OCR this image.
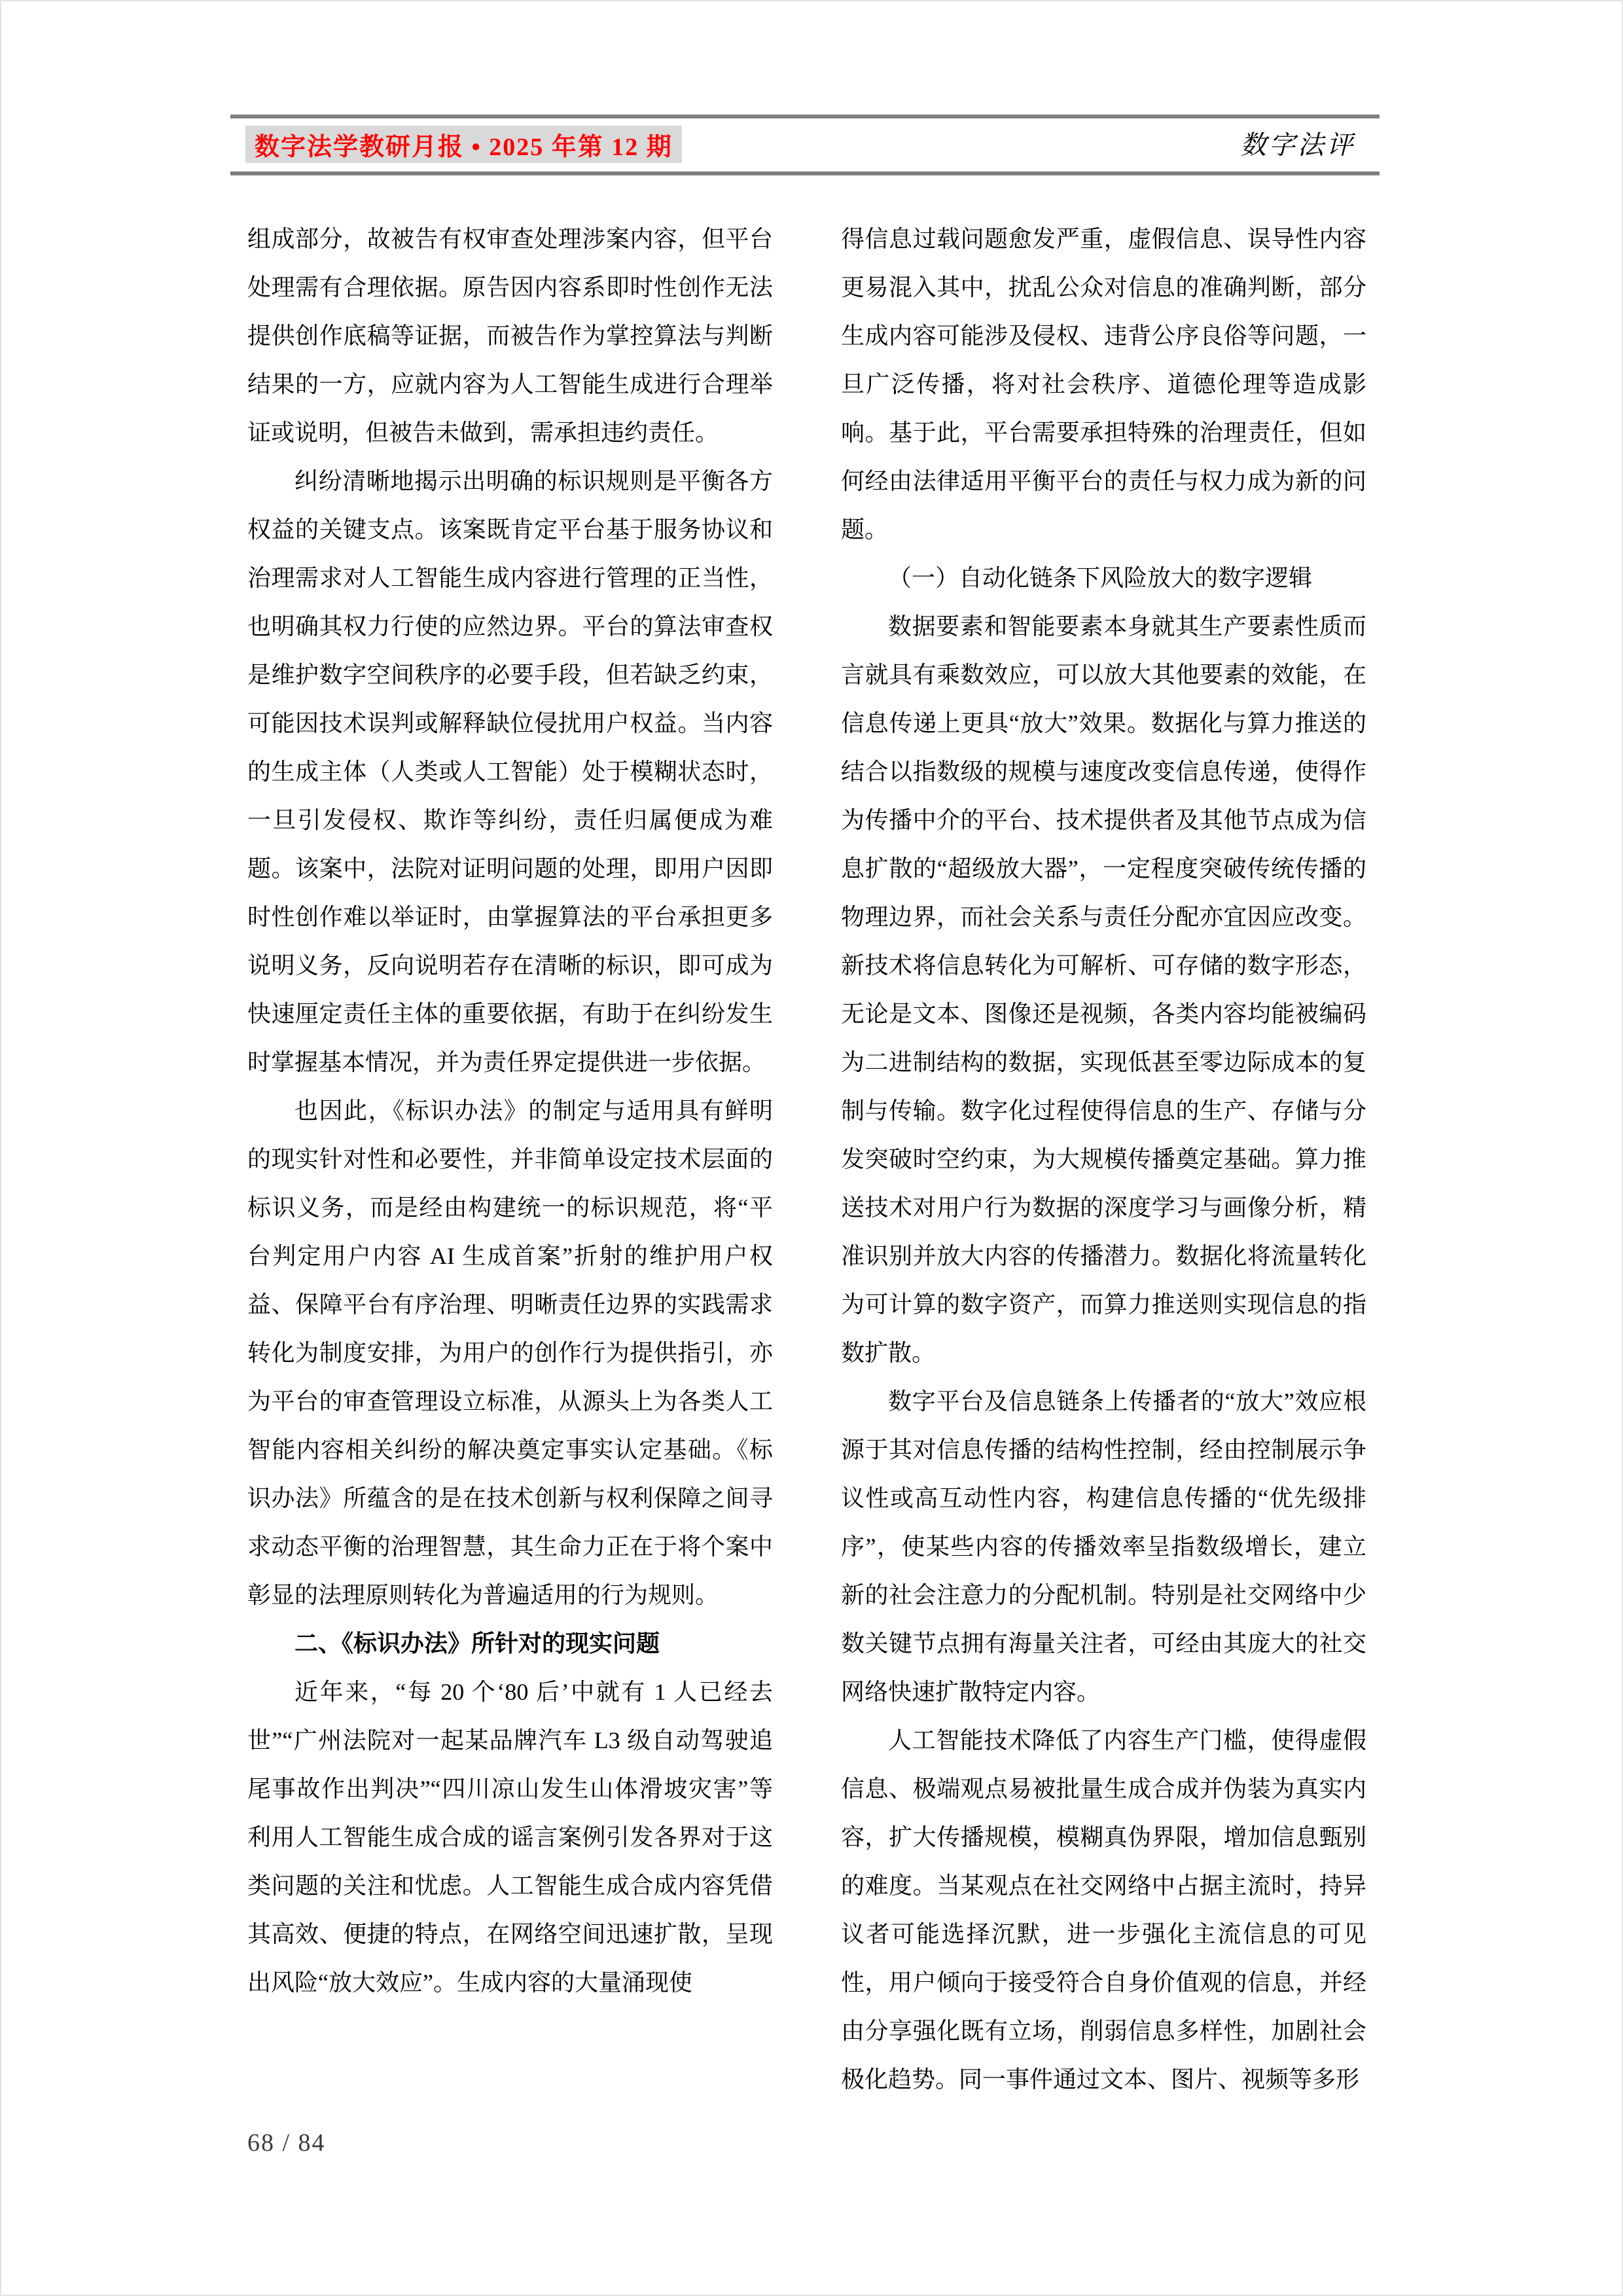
数字法学教研月报 • 2025 年第 12 期	数字法评

组成部分，故被告有权审查处理涉案内容，但平台处理需有合理依据。原告因内容系即时性创作无法提供创作底稿等证据，而被告作为掌控算法与判断结果的一方，应就内容为人工智能生成进行合理举证或说明，但被告未做到，需承担违约责任。

纠纷清晰地揭示出明确的标识规则是平衡各方权益的关键支点。该案既肯定平台基于服务协议和治理需求对人工智能生成内容进行管理的正当性，也明确其权力行使的应然边界。平台的算法审查权是维护数字空间秩序的必要手段，但若缺乏约束，可能因技术误判或解释缺位侵扰用户权益。当内容的生成主体（人类或人工智能）处于模糊状态时，一旦引发侵权、欺诈等纠纷，责任归属便成为难题。该案中，法院对证明问题的处理，即用户因即时性创作难以举证时，由掌握算法的平台承担更多说明义务，反向说明若存在清晰的标识，即可成为快速厘定责任主体的重要依据，有助于在纠纷发生时掌握基本情况，并为责任界定提供进一步依据。

也因此，《标识办法》的制定与适用具有鲜明的现实针对性和必要性，并非简单设定技术层面的标识义务，而是经由构建统一的标识规范，将“平台判定用户内容 AI 生成首案”折射的维护用户权益、保障平台有序治理、明晰责任边界的实践需求转化为制度安排，为用户的创作行为提供指引，亦为平台的审查管理设立标准，从源头上为各类人工智能内容相关纠纷的解决奠定事实认定基础。《标识办法》所蕴含的是在技术创新与权利保障之间寻求动态平衡的治理智慧，其生命力正在于将个案中彰显的法理原则转化为普遍适用的行为规则。

二、《标识办法》所针对的现实问题

近年来，“每 20 个‘80 后’中就有 1 人已经去世”“广州法院对一起某品牌汽车 L3 级自动驾驶追尾事故作出判决”“四川凉山发生山体滑坡灾害”等利用人工智能生成合成的谣言案例引发各界对于这类问题的关注和忧虑。人工智能生成合成内容凭借其高效、便捷的特点，在网络空间迅速扩散，呈现出风险“放大效应”。生成内容的大量涌现使

得信息过载问题愈发严重，虚假信息、误导性内容更易混入其中，扰乱公众对信息的准确判断，部分生成内容可能涉及侵权、违背公序良俗等问题，一旦广泛传播，将对社会秩序、道德伦理等造成影响。基于此，平台需要承担特殊的治理责任，但如何经由法律适用平衡平台的责任与权力成为新的问题。

（一）自动化链条下风险放大的数字逻辑

数据要素和智能要素本身就其生产要素性质而言就具有乘数效应，可以放大其他要素的效能，在信息传递上更具“放大”效果。数据化与算力推送的结合以指数级的规模与速度改变信息传递，使得作为传播中介的平台、技术提供者及其他节点成为信息扩散的“超级放大器”，一定程度突破传统传播的物理边界，而社会关系与责任分配亦宜因应改变。新技术将信息转化为可解析、可存储的数字形态，无论是文本、图像还是视频，各类内容均能被编码为二进制结构的数据，实现低甚至零边际成本的复制与传输。数字化过程使得信息的生产、存储与分发突破时空约束，为大规模传播奠定基础。算力推送技术对用户行为数据的深度学习与画像分析，精准识别并放大内容的传播潜力。数据化将流量转化为可计算的数字资产，而算力推送则实现信息的指数扩散。

数字平台及信息链条上传播者的“放大”效应根源于其对信息传播的结构性控制，经由控制展示争议性或高互动性内容，构建信息传播的“优先级排序”，使某些内容的传播效率呈指数级增长，建立新的社会注意力的分配机制。特别是社交网络中少数关键节点拥有海量关注者，可经由其庞大的社交网络快速扩散特定内容。

人工智能技术降低了内容生产门槛，使得虚假信息、极端观点易被批量生成合成并伪装为真实内容，扩大传播规模，模糊真伪界限，增加信息甄别的难度。当某观点在社交网络中占据主流时，持异议者可能选择沉默，进一步强化主流信息的可见性，用户倾向于接受符合自身价值观的信息，并经由分享强化既有立场，削弱信息多样性，加剧社会极化趋势。同一事件通过文本、图片、视频等多形

68 / 84
